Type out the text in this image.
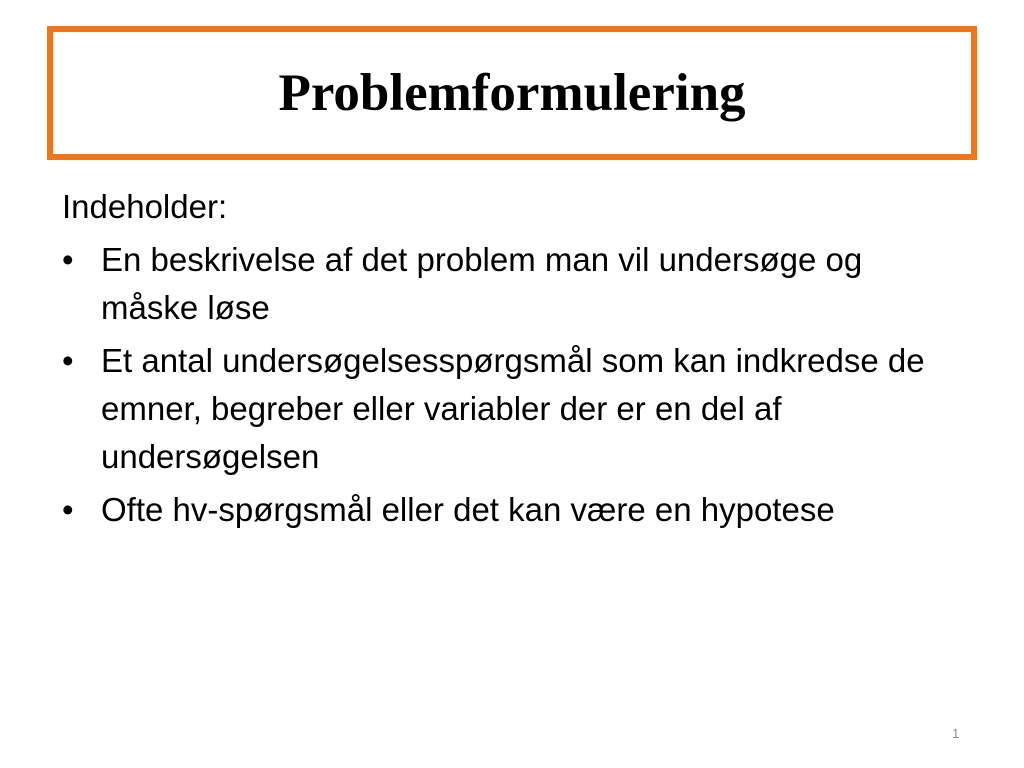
Problemformulering

Indeholder:

• En beskrivelse af det problem man vil undersøge og måske løse
• Et antal undersøgelsesspørgsmål som kan indkredse de emner, begreber eller variabler der er en del af undersøgelsen
• Ofte hv-spørgsmål eller det kan være en hypotese
1
